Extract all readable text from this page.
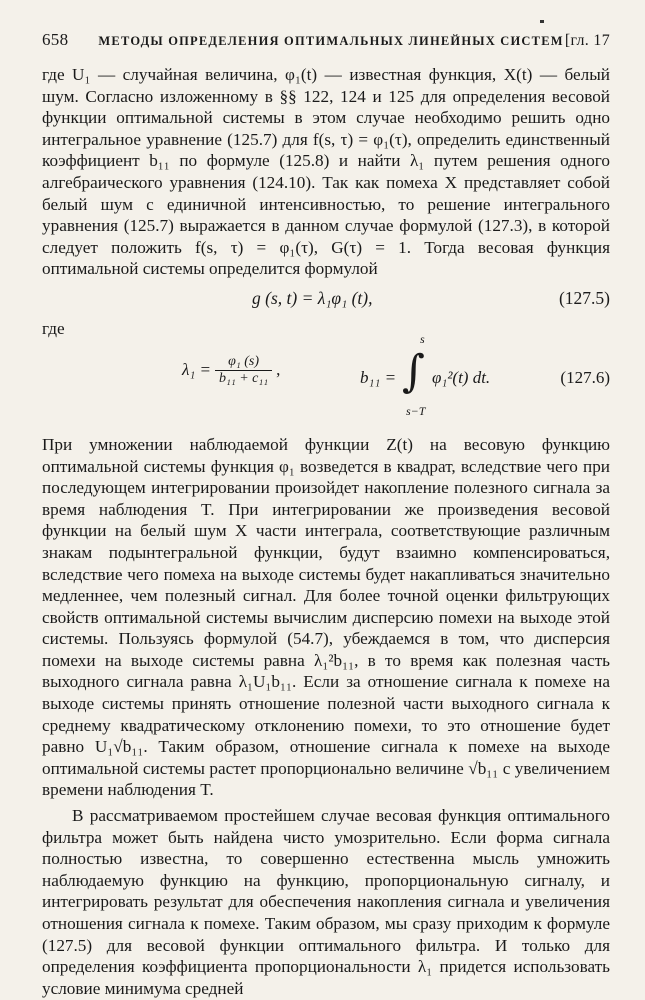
658 МЕТОДЫ ОПРЕДЕЛЕНИЯ ОПТИМАЛЬНЫХ ЛИНЕЙНЫХ СИСТЕМ [гл. 17

где U₁ — случайная величина, φ₁(t) — известная функция, X(t) — белый шум. Согласно изложенному в §§ 122, 124 и 125 для определения весовой функции оптимальной системы в этом случае необходимо решить одно интегральное уравнение (125.7) для f(s, τ) = φ₁(τ), определить единственный коэффициент b₁₁ по формуле (125.8) и найти λ₁ путем решения одного алгебраического уравнения (124.10). Так как помеха X представляет собой белый шум с единичной интенсивностью, то решение интегрального уравнения (125.7) выражается в данном случае формулой (127.3), в которой следует положить f(s, τ) = φ₁(τ), G(τ) = 1. Тогда весовая функция оптимальной системы определится формулой

g (s, t) = λ₁φ₁ (t),	(127.5)
где
$\lambda_1 = \frac{\text{φ₁ (s)}}{\text{b₁₁ + c₁₁}}$ ,	b₁₁ =
s
∫
s−T
φ₁²(t) dt.	(127.6)

При умножении наблюдаемой функции Z(t) на весовую функцию оптимальной системы функция φ₁ возведется в квадрат, вследствие чего при последующем интегрировании произойдет накопление полезного сигнала за время наблюдения T. При интегрировании же произведения весовой функции на белый шум X части интеграла, соответствующие различным знакам подынтегральной функции, будут взаимно компенсироваться, вследствие чего помеха на выходе системы будет накапливаться значительно медленнее, чем полезный сигнал. Для более точной оценки фильтрующих свойств оптимальной системы вычислим дисперсию помехи на выходе этой системы. Пользуясь формулой (54.7), убеждаемся в том, что дисперсия помехи на выходе системы равна λ₁²b₁₁, в то время как полезная часть выходного сигнала равна λ₁U₁b₁₁. Если за отношение сигнала к помехе на выходе системы принять отношение полезной части выходного сигнала к среднему квадратическому отклонению помехи, то это отношение будет равно U₁√b₁₁. Таким образом, отношение сигнала к помехе на выходе оптимальной системы растет пропорционально величине √b₁₁ с увеличением времени наблюдения T.

В рассматриваемом простейшем случае весовая функция оптимального фильтра может быть найдена чисто умозрительно. Если форма сигнала полностью известна, то совершенно естественна мысль умножить наблюдаемую функцию на функцию, пропорциональную сигналу, и интегрировать результат для обеспечения накопления сигнала и увеличения отношения сигнала к помехе. Таким образом, мы сразу приходим к формуле (127.5) для весовой функции оптимального фильтра. И только для определения коэффициента пропорциональности λ₁ придется использовать условие минимума средней
